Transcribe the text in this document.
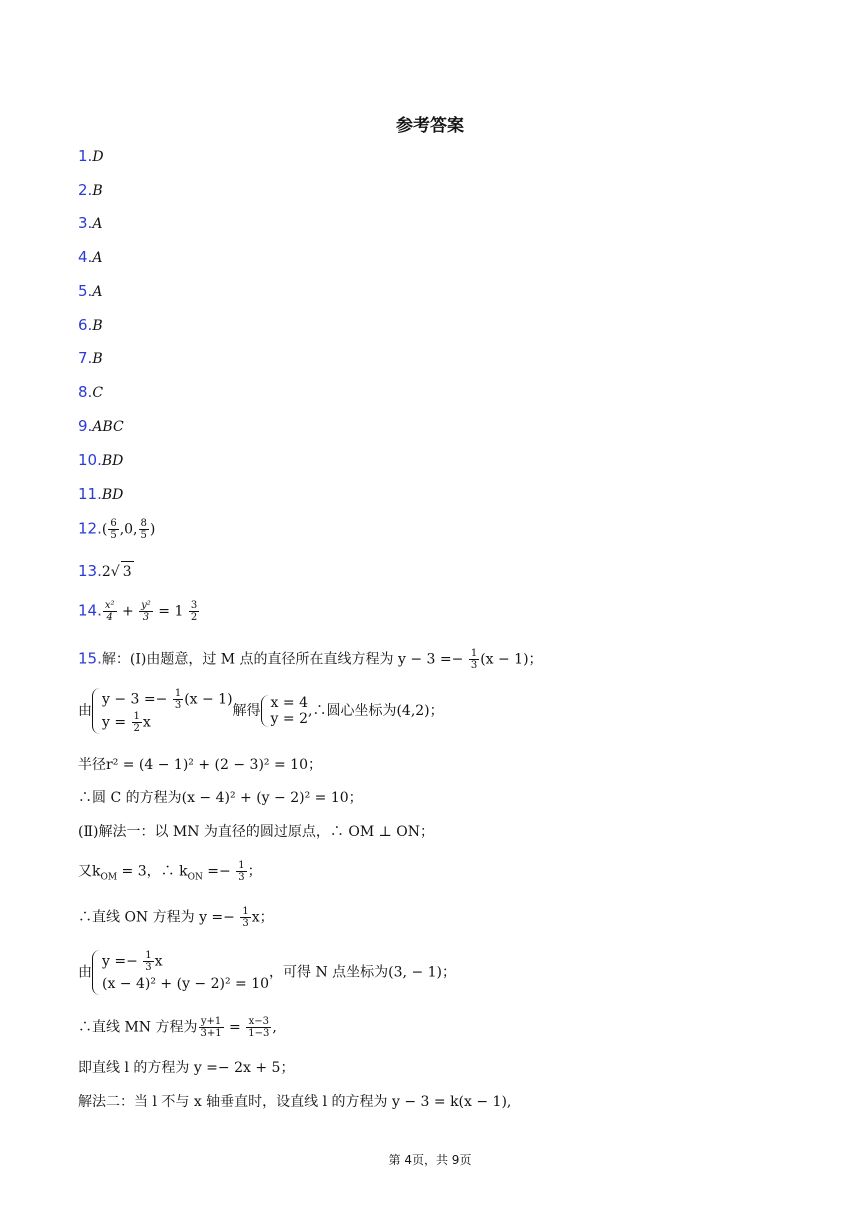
参考答案
1.D
2.B
3.A
4.A
5.A
6.B
7.B
8.C
9.ABC
10.BD
11.BD
$12.( \frac{6}{5} ,0$, $\frac{8}{5}$ )
13.2√ 3
14. $\frac{\text{x²}}{4} + \frac{\text{y²}}{3} = 1 \frac{3}{2}$
15.解：(Ⅰ)由题意，过 M 点的直径所在直线方程为 $y - 3 =- \frac{1}{3} (x - 1)$；
由
$y - 3 =- \frac{1}{3} (x - 1)$
$y = \frac{1}{2}$ x
解得 x = 4
y = 2 ,∴圆心坐标为(4,2)；
半径r² = (4 − 1)² + (2 − 3)² = 10；
∴圆 C 的方程为(x − 4)² + (y − 2)² = 10；
(Ⅱ)解法一：以 MN 为直径的圆过原点，∴ OM ⊥ ON；
又$k_{OM} = 3$，∴ $k_{ON} =- \frac{1}{3}$ ；
∴直线 ON 方程为 $y =- \frac{1}{3}$ x；
由
$y =- \frac{1}{3}$ x
(x − 4)² + (y − 2)² = 10
，可得 N 点坐标为(3, − 1)；
∴直线 MN 方程为 $\frac{y+1}{3+1} = \frac{x-3}{1-3}$ ,
即直线 l 的方程为 y =− 2x + 5；
解法二：当 l 不与 x 轴垂直时，设直线 l 的方程为 y − 3 = k(x − 1),
第 4页，共 9页
